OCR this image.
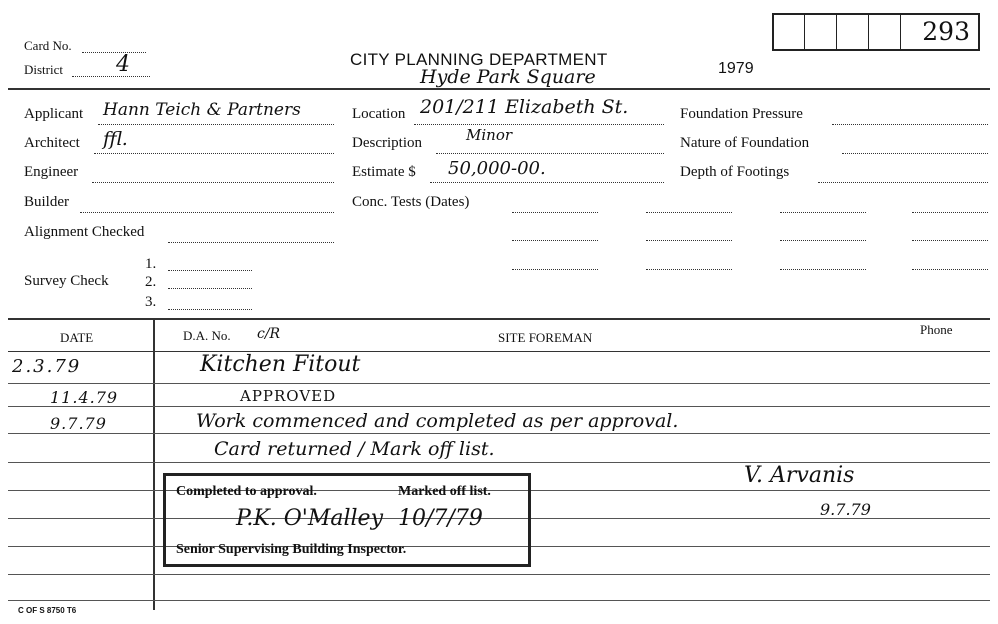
293
Card No.
District 4	CITY PLANNING DEPARTMENT
Hyde Park Square	1979
Applicant Hann Teich & Partners
Architect ffl.
Engineer
Builder
Alignment Checked
Survey Check
1.
2.
3.
Location 201/211 Elizabeth St.
Description	Minor
Estimate $ 50,000-00.
Conc. Tests (Dates)
Foundation Pressure
Nature of Foundation
Depth of Footings
DATE	D.A. No. c/R	SITE FOREMAN
Phone
2.3.79	Kitchen Fitout
11.4.79	APPROVED
9.7.79	Work commenced and completed as per approval.
Card returned / Mark off list.
V. Arvanis
9.7.79
Completed to approval.	Marked off list.
P.K. O'Malley 10/7/79
Senior Supervising Building Inspector.
C OF S 8750 T6
